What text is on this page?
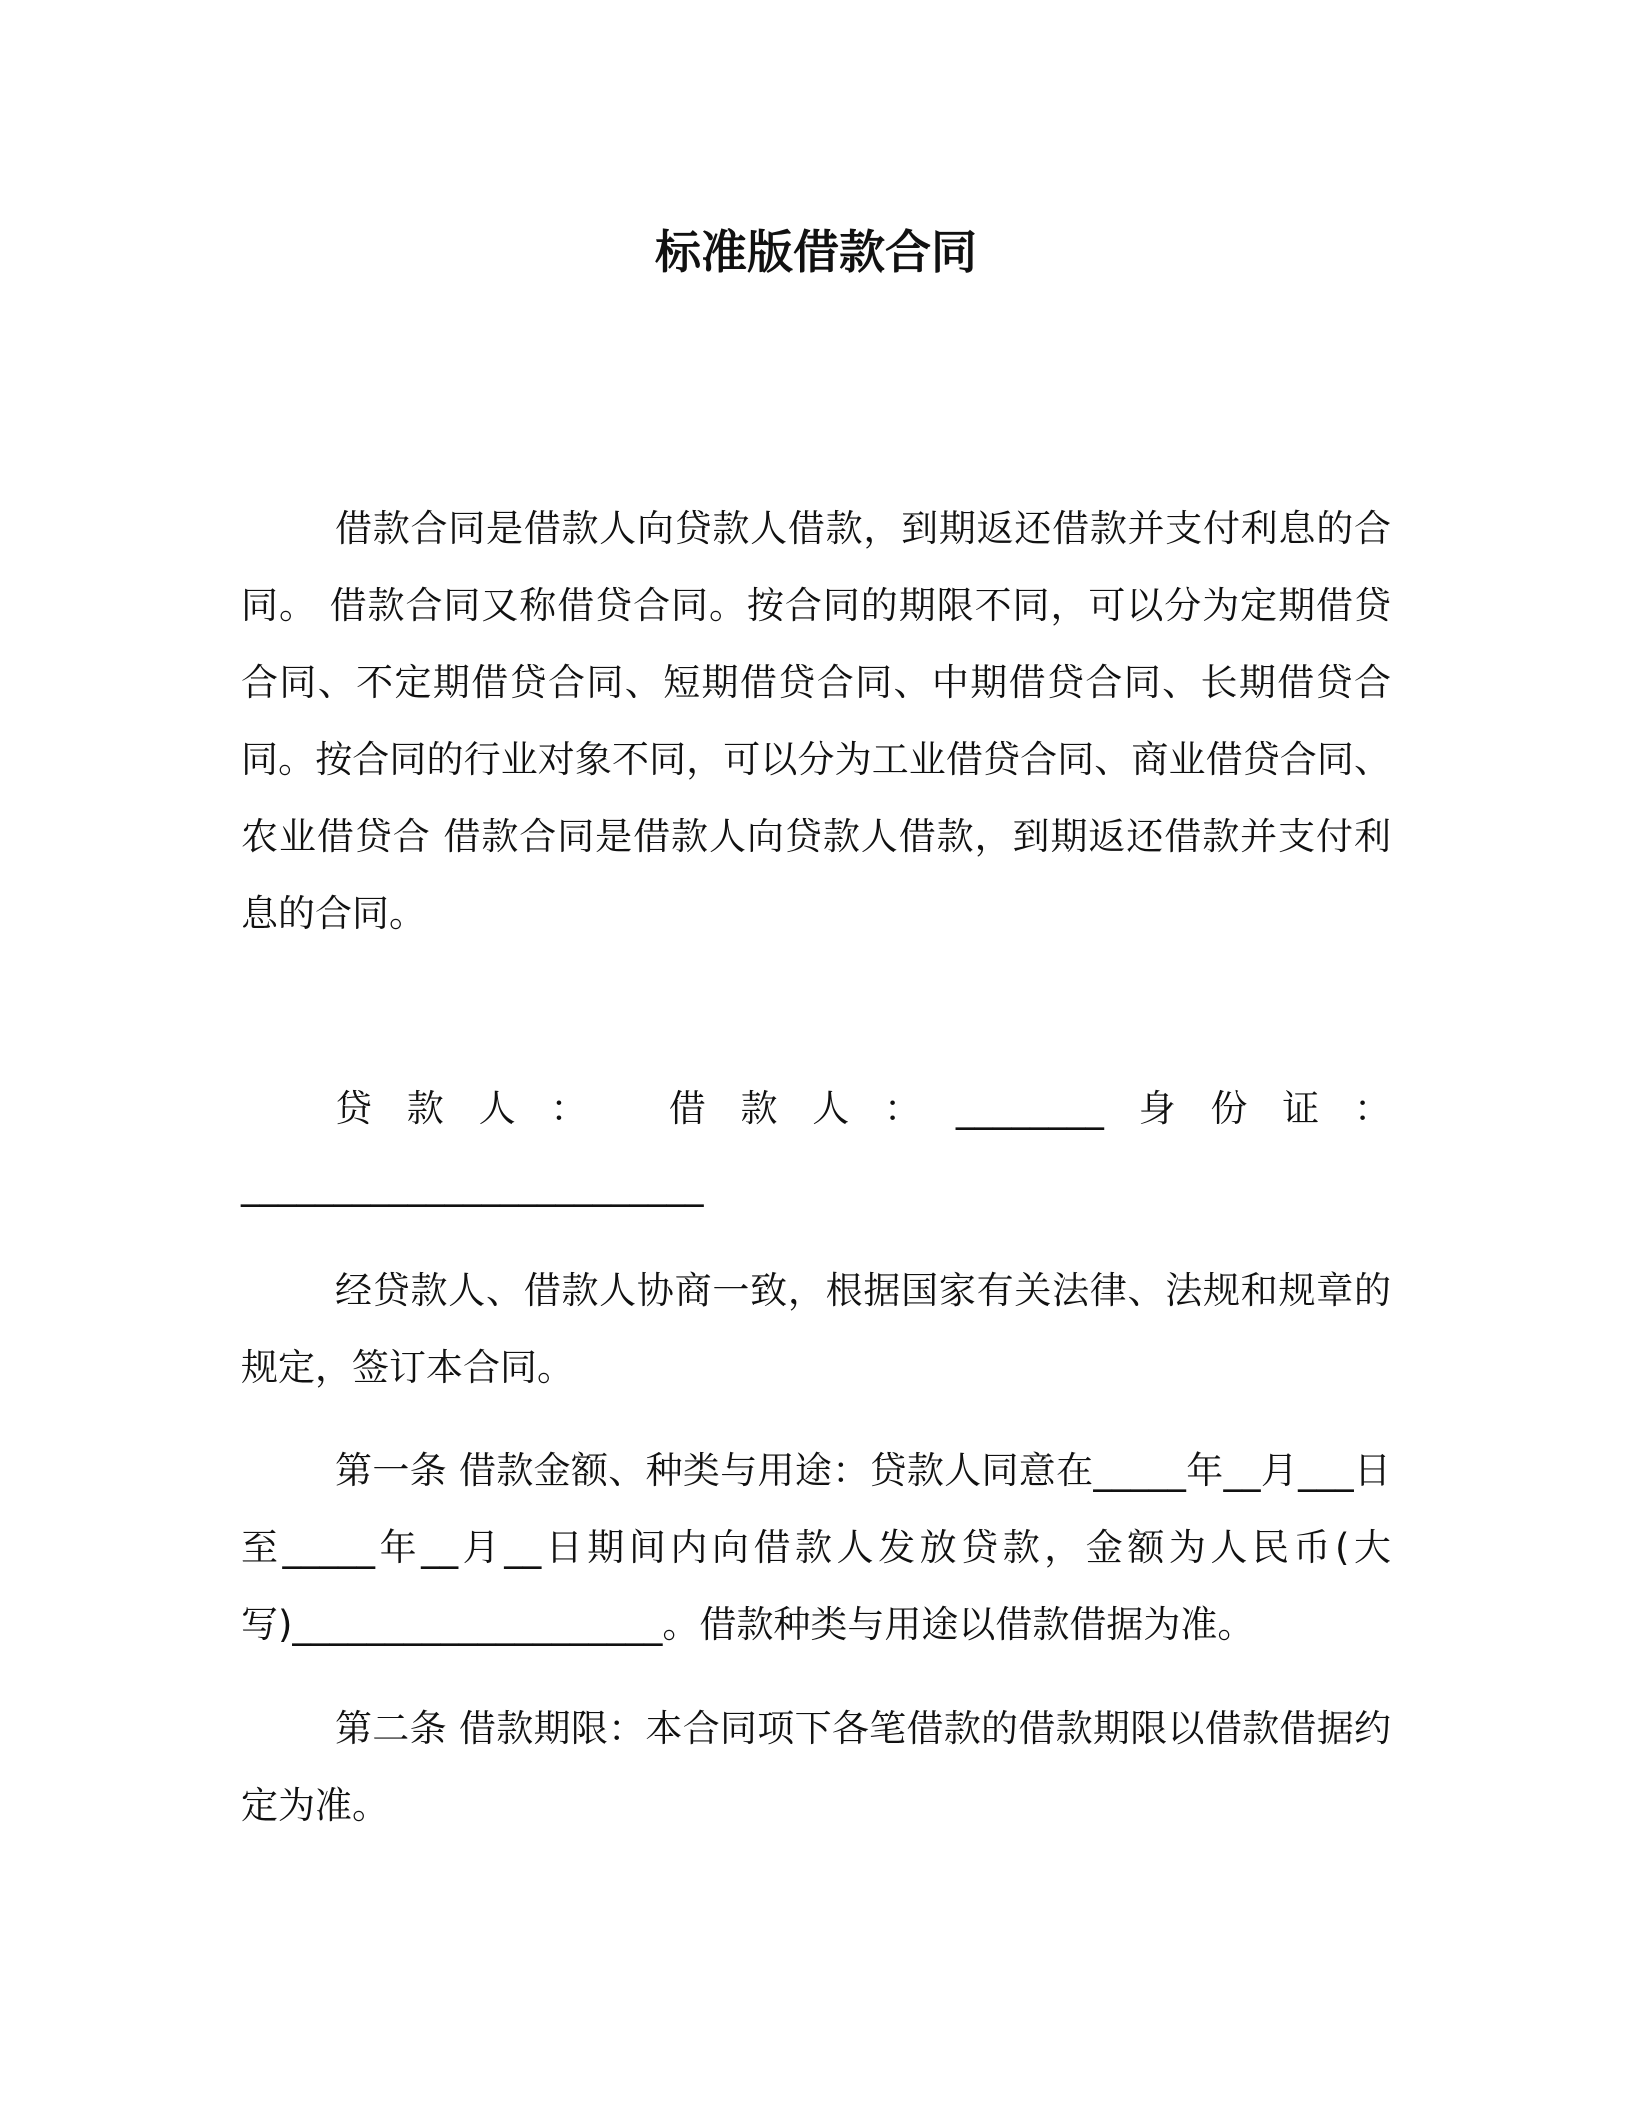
标准版借款合同

借款合同是借款人向贷款人借款，到期返还借款并支付利息的合同。 借款合同又称借贷合同。按合同的期限不同，可以分为定期借贷合同、不定期借贷合同、短期借贷合同、中期借贷合同、长期借贷合同。按合同的行业对象不同，可以分为工业借贷合同、商业借贷合同、农业借贷合 借款合同是借款人向贷款人借款，到期返还借款并支付利息的合同。

贷款人： 借款人：________身份证：_________________________

经贷款人、借款人协商一致，根据国家有关法律、法规和规章的规定，签订本合同。

第一条 借款金额、种类与用途：贷款人同意在_____年__月___日至_____年__月__日期间内向借款人发放贷款，金额为人民币(大写)____________________。借款种类与用途以借款借据为准。

第二条 借款期限：本合同项下各笔借款的借款期限以借款借据约定为准。
